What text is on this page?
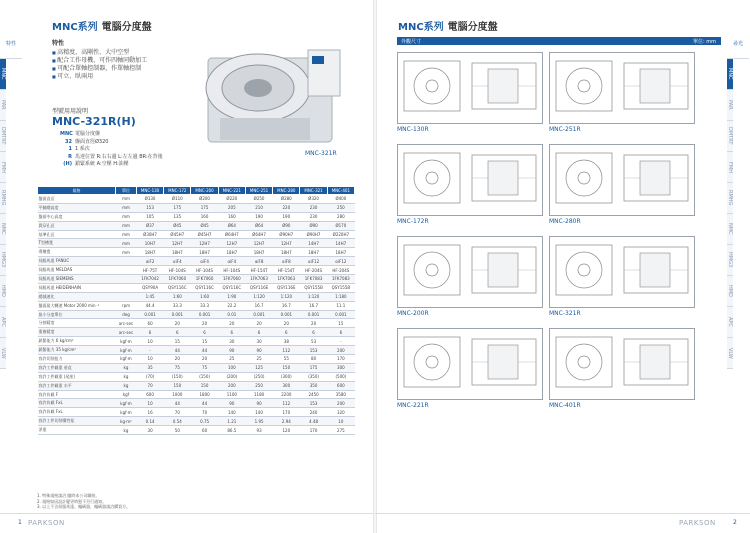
特性
MNC
PAR
DMTRT
FMH
RMHG
NMC
HMG3
HMD
APC
VLW
MNC系列 電腦分度盤
特性
■ 高精度、高剛性、大中空型
■ 配合工作母機，可作四軸同動加工
■ 可配合單軸控制器，作單軸控制
■ 可立、臥兩用
MNC-321R
型號用用說明
MNC-321R(H)
MNC 電腦分度盤
32 盤面直徑Ø320
1 1 系次
R 馬達位置 R:右右邊 L:左左邊 BR:在背後
(H) 鎖緊系統 A:空壓 H:油壓
規格	單位	MNC-130	MNC-172	MNC-200	MNC-221	MNC-251	MNC-280	MNC-321	MNC-401
盤面直徑	mm	Ø130	Ø110	Ø200	Ø220	Ø250	Ø280	Ø320	Ø400
平躺總高度	mm	153	175	175	205	210	220	230	250
盤面中心高度	mm	105	135	160	160	190	190	230	280
貫穿孔徑	mm	Ø37	Ø45	Ø45	Ø64	Ø64	Ø90	Ø90	Ø170
基準孔徑	mm	Ø30H7	Ø45H7	Ø45H7	Ø64H7	Ø64H7	Ø90H7	Ø90H7	Ø220H7
T型槽寬	mm	10H7	12H7	12H7	12H7	12H7	12H7	14H7	14H7
導槽寬	mm	18H7	18H7	18H7	18H7	18H7	18H7	18H7	18H7
伺服馬達 FANUC		αiF2	αiF4	αiF4	αiF4	αiF8	αiF8	αiF12	αiF12
伺服馬達 MELDAS		HF-75T	HF-104S	HF-104S	HF-104S	HF-154T	HF-154T	HF-204S	HF-204S
伺服馬達 SIEMENS		1FK7042	1FK7060	1FK7060	1FK7060	1FK7063	1FK7063	1FK7083	1FK7083
伺服馬達 HEIDENHAIN		QSY90A	QSY116C	QSY116C	QSY116C	QSY116E	QSY116E	QSY155B	QSY155B
總減速比		1:45	1:60	1:60	1:90	1:120	1:120	1:120	1:180
盤面最大轉速 Motor 2000 min⁻¹	rpm	44.4	33.3	33.3	22.2	16.7	16.7	16.7	11.1
最小分度單位	deg	0.001	0.001	0.001	0.01	0.001	0.001	0.001	0.001
分割精度	arc-sec	60	20	20	20	20	20	20	15
重複精度	arc-sec	6	6	6	6	6	6	6	6
鎖緊能力 6 kg/cm²	kgf·m	10	15	15	30	30	38	53	-
鎖緊能力 35 kg/cm²	kgf·m	-	44	44	90	90	112	153	200
容許切削扭力	kgf·m	10	20	20	25	25	55	80	170
容許工件載重 垂直	kg	35	75	75	100	125	150	175	300
容許工件載重 (尾座)	kg	(70)	(150)	(150)	(200)	(250)	(300)	(350)	(500)
容許工件載重 水平	kg	70	150	150	200	250	300	350	600
容許負載 F	kgf	600	1000	1800	1100	1180	2200	2450	3580
容許負載 FxL	kgf·m	10	44	44	90	90	112	153	200
容許負載 FxL	kgf·m	16	70	70	140	140	170	240	320
容許工件切削慣性矩	kg·m²	0.14	0.54	0.75	1.21	1.95	2.94	4.48	10
淨重	kg	30	50	60	86.5	93	120	170	275
1. 特殊規格請洽 隨時本公司聯絡。
2. 規格如因設計變更時恕不另行通知。
3. 以上不含伺服馬達、編碼器，編碼器請洽購買方。
1 PARKSON
MNC系列 電腦分度盤
尋光
MNC
PAR
DMTRT
FMH
RMHG
NMC
HMG3
HMD
APC
VLW
外觀尺寸	單位: mm
MNC-130R	MNC-251R
MNC-172R	MNC-280R
MNC-200R	MNC-321R
MNC-221R	MNC-401R
PARKSON	2
